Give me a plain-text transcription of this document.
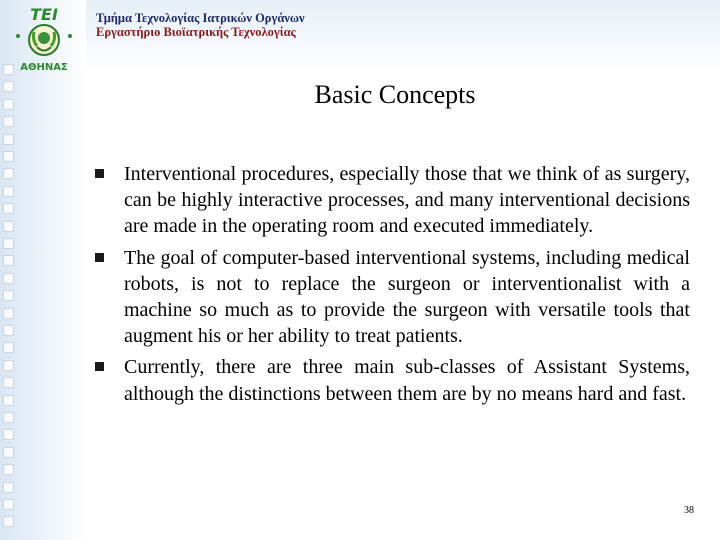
ΤΕΙ
ΑΘΗΝΑΣ
Τμήμα Τεχνολογίας Ιατρικών Οργάνων
Εργαστήριο Βιοϊατρικής Τεχνολογίας
Basic Concepts
Interventional procedures, especially those that we think of as surgery, can be highly interactive processes, and many interventional decisions are made in the operating room and executed immediately.
The goal of computer-based interventional systems, including medical robots, is not to replace the surgeon or interventionalist with a machine so much as to provide the surgeon with versatile tools that augment his or her ability to treat patients.
Currently, there are three main sub-classes of Assistant Systems, although the distinctions between them are by no means hard and fast.
38
